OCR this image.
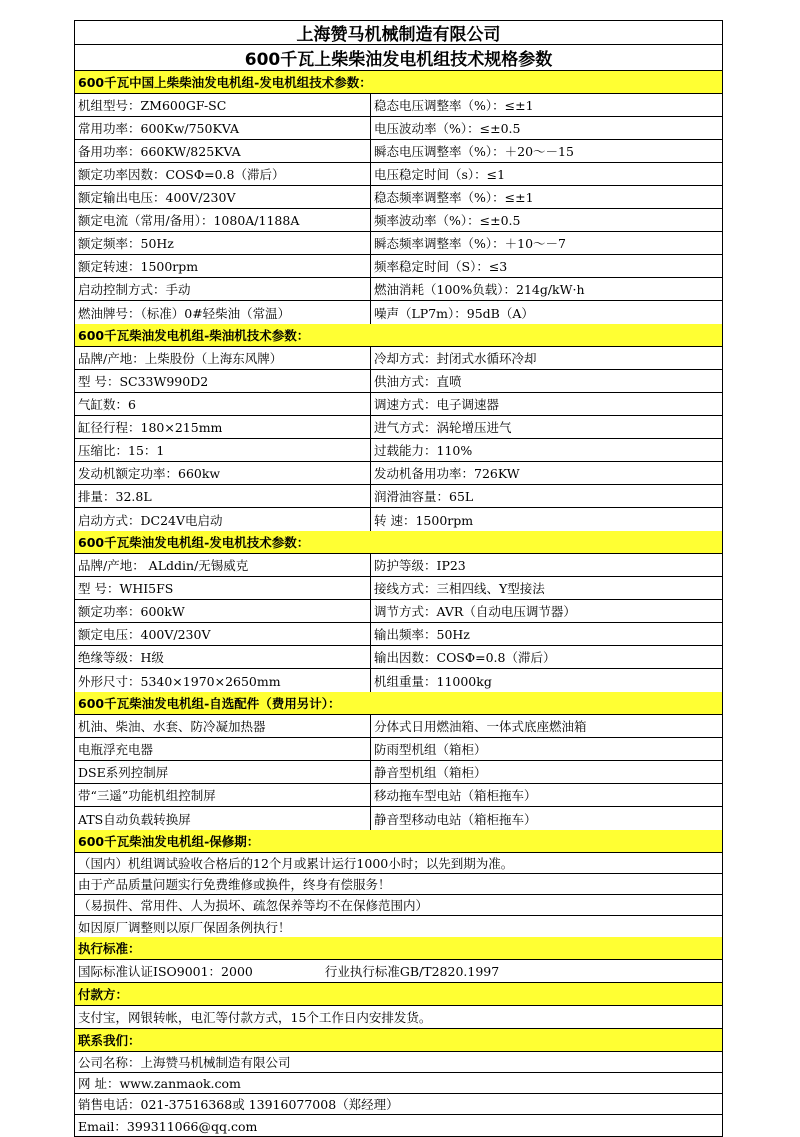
上海赞马机械制造有限公司
600千瓦上柴柴油发电机组技术规格参数
600千瓦中国上柴柴油发电机组-发电机组技术参数：
机组型号：ZM600GF-SC	稳态电压调整率（%）：≤±1
常用功率：600Kw/750KVA	电压波动率（%）：≤±0.5
备用功率：660KW/825KVA	瞬态电压调整率（%）：＋20～－15
额定功率因数：COSΦ=0.8（滞后）	电压稳定时间（s）：≤1
额定输出电压：400V/230V	稳态频率调整率（%）：≤±1
额定电流（常用/备用）：1080A/1188A	频率波动率（%）：≤±0.5
额定频率：50Hz	瞬态频率调整率（%）：＋10～－7
额定转速：1500rpm	频率稳定时间（S）：≤3
启动控制方式：手动	燃油消耗（100%负载）：214g/kW·h
燃油牌号：（标准）0#轻柴油（常温）	噪声（LP7m）：95dB（A）
600千瓦柴油发电机组-柴油机技术参数：
品牌/产地：上柴股份（上海东风牌）	冷却方式：封闭式水循环冷却
型 号：SC33W990D2	供油方式：直喷
气缸数：6	调速方式：电子调速器
缸径行程：180×215mm	进气方式：涡轮增压进气
压缩比：15：1	过载能力：110%
发动机额定功率：660kw	发动机备用功率：726KW
排量：32.8L	润滑油容量：65L
启动方式：DC24V电启动	转 速：1500rpm
600千瓦柴油发电机组-发电机技术参数：
品牌/产地： ALddin/无锡威克	防护等级：IP23
型 号：WHI5FS	接线方式：三相四线、Y型接法
额定功率：600kW	调节方式：AVR（自动电压调节器）
额定电压：400V/230V	输出频率：50Hz
绝缘等级：H级	输出因数：COSΦ=0.8（滞后）
外形尺寸：5340×1970×2650mm	机组重量：11000kg
600千瓦柴油发电机组-自选配件（费用另计）：
机油、柴油、水套、防冷凝加热器	分体式日用燃油箱、一体式底座燃油箱
电瓶浮充电器	防雨型机组（箱柜）
DSE系列控制屏	静音型机组（箱柜）
带“三遥”功能机组控制屏	移动拖车型电站（箱柜拖车）
ATS自动负载转换屏	静音型移动电站（箱柜拖车）
600千瓦柴油发电机组-保修期：
（国内）机组调试验收合格后的12个月或累计运行1000小时；以先到期为准。
由于产品质量问题实行免费维修或换件，终身有偿服务！
（易损件、常用件、人为损坏、疏忽保养等均不在保修范围内）
如因原厂调整则以原厂保固条例执行！
执行标准：
国际标准认证ISO9001：2000	行业执行标准GB/T2820.1997
付款方：
支付宝，网银转帐，电汇等付款方式，15个工作日内安排发货。
联系我们：
公司名称：上海赞马机械制造有限公司
网 址：www.zanmaok.com
销售电话：021-37516368或 13916077008（郑经理）
Email：399311066@qq.com
